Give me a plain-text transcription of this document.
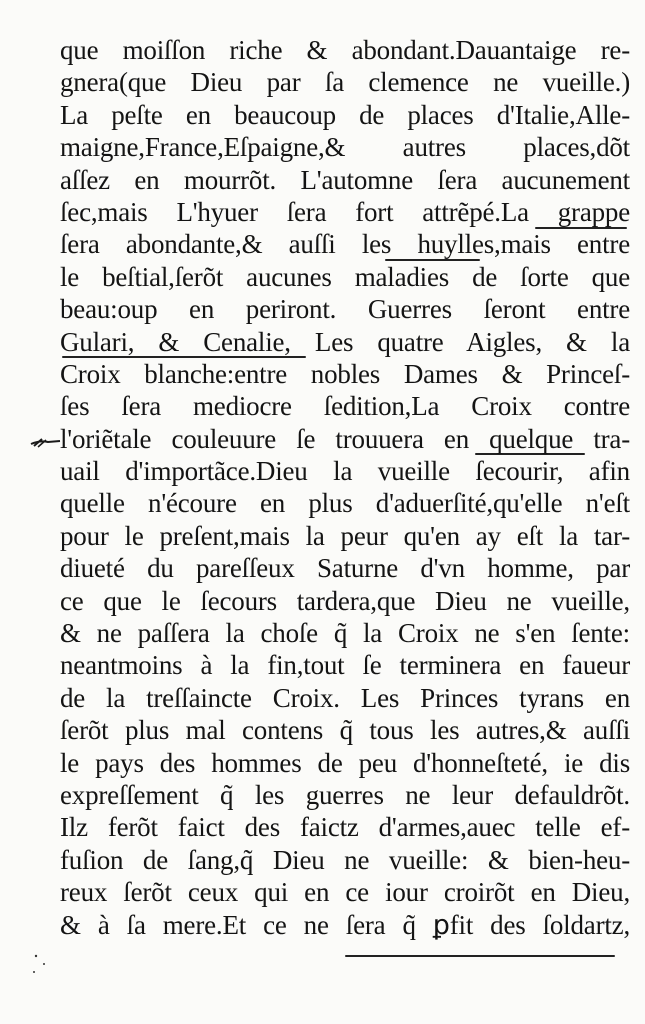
que moiſſon riche & abondant.Dauantaige re-
gnera(que Dieu par ſa clemence ne vueille.)
La peſte en beaucoup de places d'Italie,Alle-
maigne,France,Eſpaigne,& autres places,dõt
aſſez en mourrõt. L'automne ſera aucunement
ſec,mais L'hyuer ſera fort attrẽpé.La grappe
ſera abondante,& auſſi les huylles,mais entre
le beſtial,ſerõt aucunes maladies de ſorte que
beau:oup en periront. Guerres ſeront entre
Gulari, & Cenalie, Les quatre Aigles, & la
Croix blanche:entre nobles Dames & Princeſ-
ſes ſera mediocre ſedition,La Croix contre
l'oriẽtale couleuure ſe trouuera en quelque tra-
uail d'importãce.Dieu la vueille ſecourir, afin
quelle n'écoure en plus d'aduerſité,qu'elle n'eſt
pour le preſent,mais la peur qu'en ay eſt la tar-
diueté du pareſſeux Saturne d'vn homme, par
ce que le ſecours tardera,que Dieu ne vueille,
& ne paſſera la choſe q̃ la Croix ne s'en ſente:
neantmoins à la fin,tout ſe terminera en faueur
de la treſſaincte Croix. Les Princes tyrans en
ſerõt plus mal contens q̃ tous les autres,& auſſi
le pays des hommes de peu d'honneſteté, ie dis
expreſſement q̃ les guerres ne leur defauldrõt.
Ilz ferõt faict des faictz d'armes,auec telle ef-
fuſion de ſang,q̃ Dieu ne vueille: & bien-heu-
reux ſerõt ceux qui en ce iour croirõt en Dieu,
& à ſa mere.Et ce ne ſera q̃ ꝑfit des ſoldartz,
